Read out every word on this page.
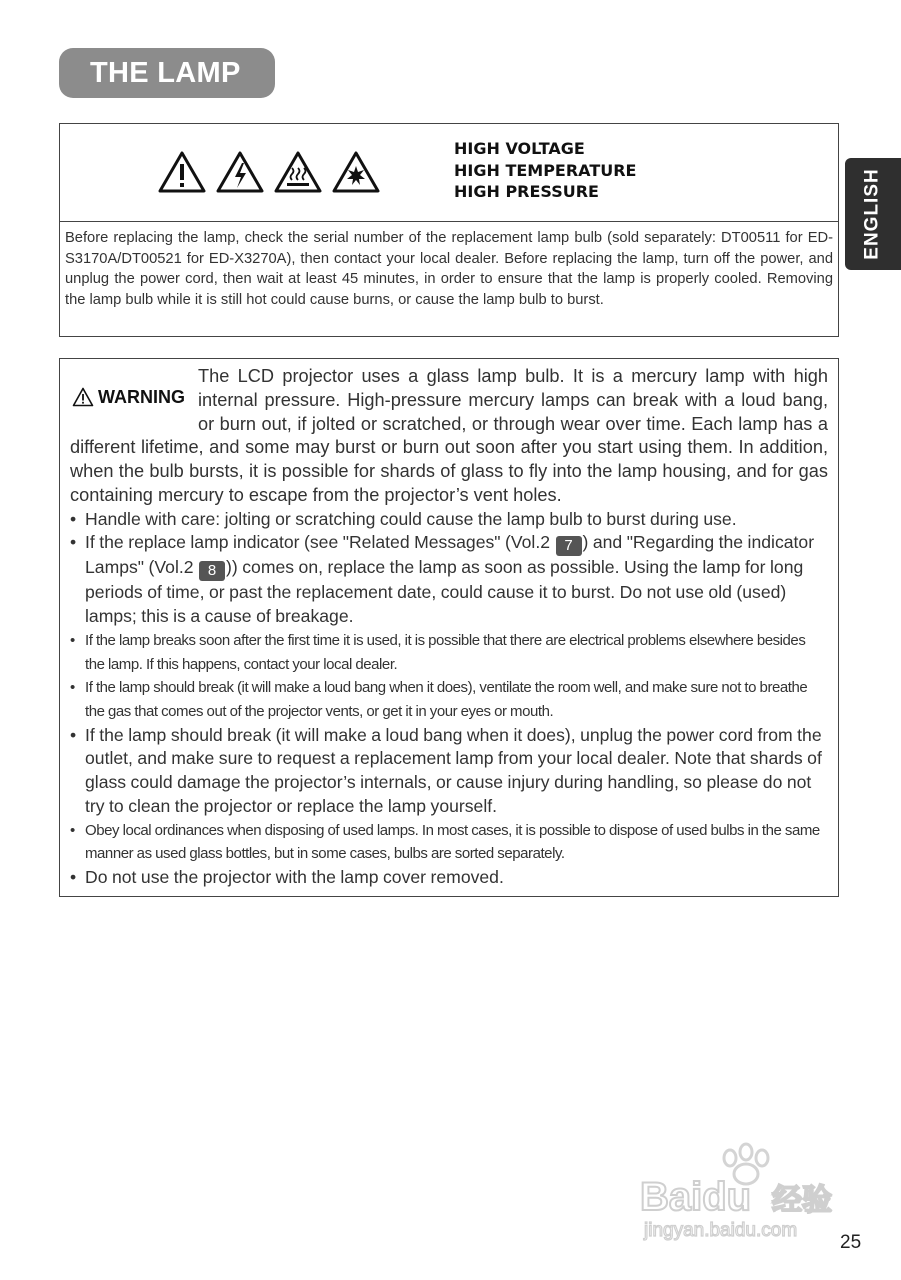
THE LAMP
ENGLISH
HIGH VOLTAGE
HIGH TEMPERATURE
HIGH PRESSURE
Before replacing the lamp, check the serial number of the replacement lamp bulb (sold separately: DT00511 for ED-S3170A/DT00521 for ED-X3270A), then contact your local dealer. Before replacing the lamp, turn off the power, and unplug the power cord, then wait at least 45 minutes, in order to ensure that the lamp is properly cooled. Removing the lamp bulb while it is still hot could cause burns, or cause the lamp bulb to burst.
WARNING

The LCD projector uses a glass lamp bulb. It is a mercury lamp with high internal pressure. High-pressure mercury lamps can break with a loud bang, or burn out, if jolted or scratched, or through wear over time. Each lamp has a different lifetime, and some may burst or burn out soon after you start using them. In addition, when the bulb bursts, it is possible for shards of glass to fly into the lamp housing, and for gas containing mercury to escape from the projector’s vent holes.

• Handle with care: jolting or scratching could cause the lamp bulb to burst during use.
• If the replace lamp indicator (see "Related Messages" (Vol.2 7 ) and "Regarding the indicator Lamps" (Vol.2 8 )) comes on, replace the lamp as soon as possible. Using the lamp for long periods of time, or past the replacement date, could cause it to burst. Do not use old (used) lamps; this is a cause of breakage.
• If the lamp breaks soon after the first time it is used, it is possible that there are electrical problems elsewhere besides the lamp. If this happens, contact your local dealer.
• If the lamp should break (it will make a loud bang when it does), ventilate the room well, and make sure not to breathe the gas that comes out of the projector vents, or get it in your eyes or mouth.
• If the lamp should break (it will make a loud bang when it does), unplug the power cord from the outlet, and make sure to request a replacement lamp from your local dealer. Note that shards of glass could damage the projector’s internals, or cause injury during handling, so please do not try to clean the projector or replace the lamp yourself.
• Obey local ordinances when disposing of used lamps. In most cases, it is possible to dispose of used bulbs in the same manner as used glass bottles, but in some cases, bulbs are sorted separately.
• Do not use the projector with the lamp cover removed.
Baidu 经验
jingyan.baidu.com
25
